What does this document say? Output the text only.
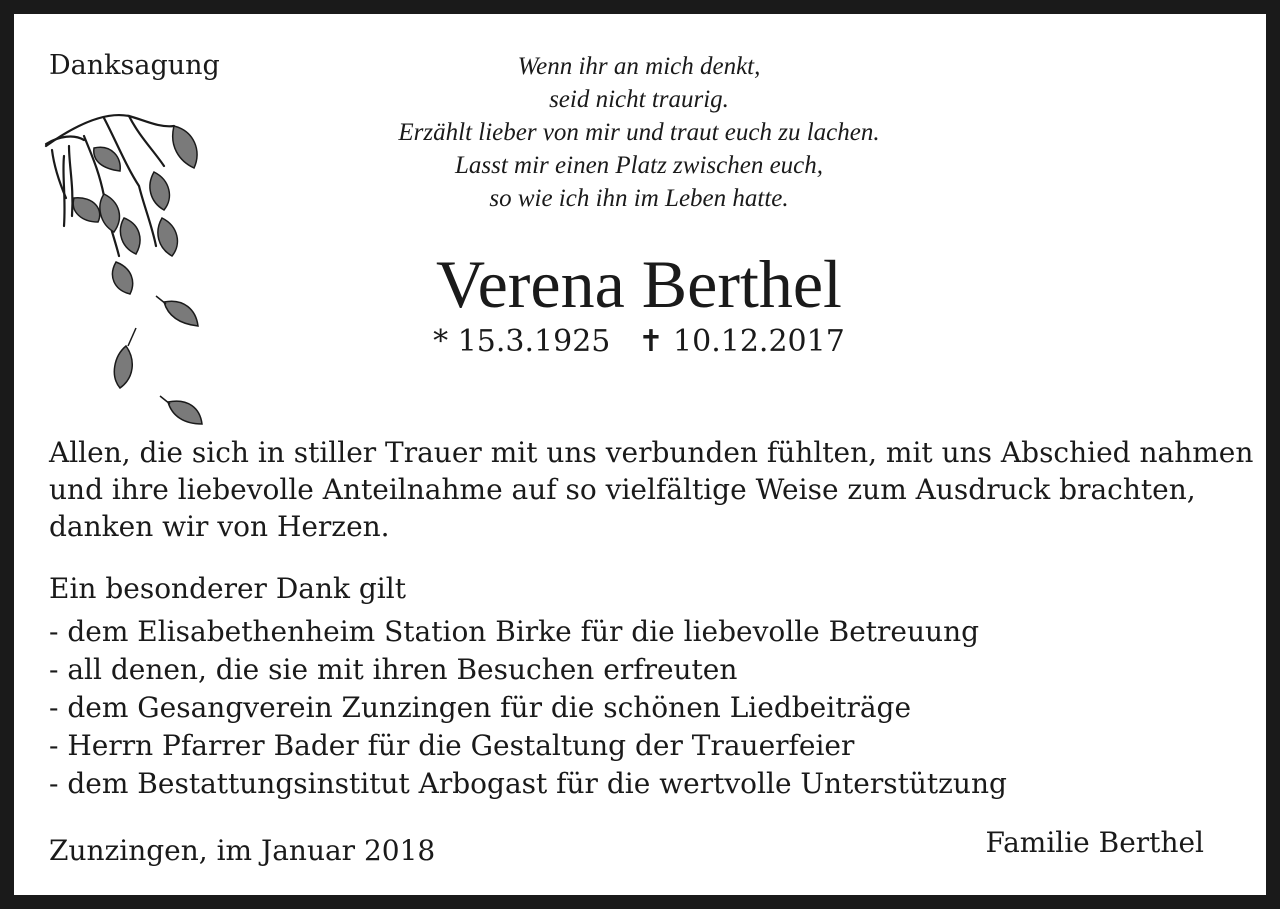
Danksagung	Wenn ihr an mich denkt,
seid nicht traurig.
Erzählt lieber von mir und traut euch zu lachen.
Lasst mir einen Platz zwischen euch,
so wie ich ihn im Leben hatte.
Verena Berthel
* 15.3.1925 ✝ 10.12.2017
Allen, die sich in stiller Trauer mit uns verbunden fühlten, mit uns Abschied nahmen
und ihre liebevolle Anteilnahme auf so vielfältige Weise zum Ausdruck brachten,
danken wir von Herzen.
Ein besonderer Dank gilt
- dem Elisabethenheim Station Birke für die liebevolle Betreuung
- all denen, die sie mit ihren Besuchen erfreuten
- dem Gesangverein Zunzingen für die schönen Liedbeiträge
- Herrn Pfarrer Bader für die Gestaltung der Trauerfeier
- dem Bestattungsinstitut Arbogast für die wertvolle Unterstützung
Zunzingen, im Januar 2018	Familie Berthel
